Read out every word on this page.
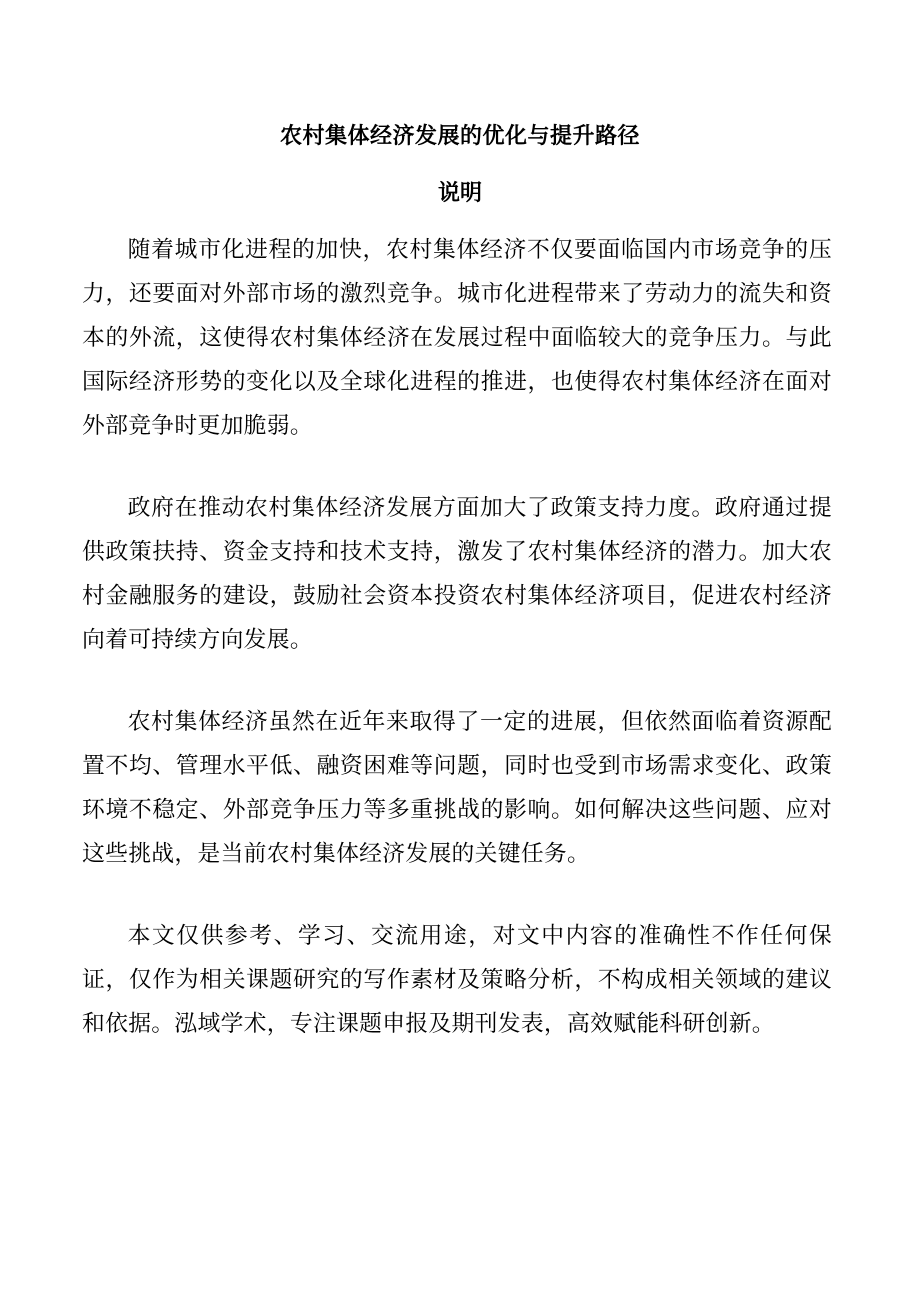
农村集体经济发展的优化与提升路径
说明

随着城市化进程的加快，农村集体经济不仅要面临国内市场竞争的压力，还要面对外部市场的激烈竞争。城市化进程带来了劳动力的流失和资本的外流，这使得农村集体经济在发展过程中面临较大的竞争压力。与此国际经济形势的变化以及全球化进程的推进，也使得农村集体经济在面对外部竞争时更加脆弱。

政府在推动农村集体经济发展方面加大了政策支持力度。政府通过提供政策扶持、资金支持和技术支持，激发了农村集体经济的潜力。加大农村金融服务的建设，鼓励社会资本投资农村集体经济项目，促进农村经济向着可持续方向发展。

农村集体经济虽然在近年来取得了一定的进展，但依然面临着资源配置不均、管理水平低、融资困难等问题，同时也受到市场需求变化、政策环境不稳定、外部竞争压力等多重挑战的影响。如何解决这些问题、应对这些挑战，是当前农村集体经济发展的关键任务。

本文仅供参考、学习、交流用途，对文中内容的准确性不作任何保证，仅作为相关课题研究的写作素材及策略分析，不构成相关领域的建议和依据。泓域学术，专注课题申报及期刊发表，高效赋能科研创新。
